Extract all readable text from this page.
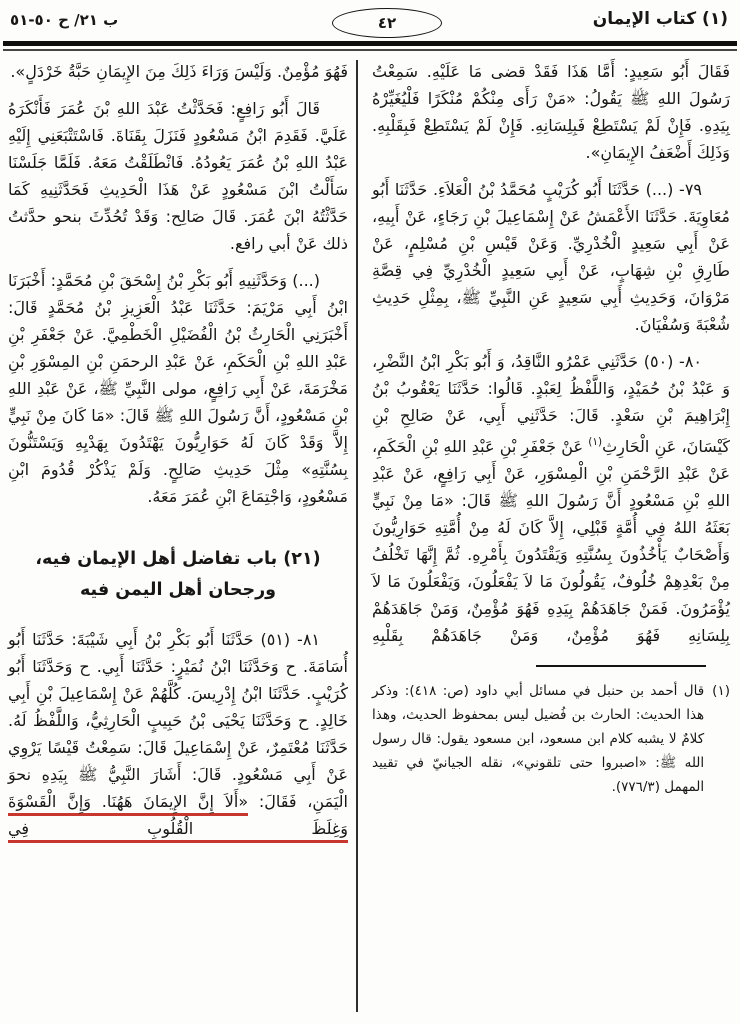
(١) كتاب الإيمان
٤٢
ب ٢١/ ح ٥٠-٥١

فَقَالَ أَبُو سَعِيدٍ: أَمَّا هَذَا فَقَدْ قضى مَا عَلَيْهِ. سَمِعْتُ رَسُولَ اللهِ ﷺ يَقُولُ: «مَنْ رَأَى مِنْكُمْ مُنْكَرًا فَلْيُغَيِّرْهُ بِيَدِهِ. فَإِنْ لَمْ يَسْتَطِعْ فَبِلِسَانِهِ. فَإِنْ لَمْ يَسْتَطِعْ فَبِقَلْبِهِ. وَذَلِكَ أَضْعَفُ الإِيمَانِ».

٧٩- (...) حَدَّثَنَا أَبُو كُرَيْبٍ مُحَمَّدُ بْنُ الْعَلاَءِ. حَدَّثَنَا أَبُو مُعَاوِيَةَ. حَدَّثَنَا الأَعْمَشُ عَنْ إِسْمَاعِيلَ بْنِ رَجَاءٍ، عَنْ أَبِيهِ، عَنْ أَبِي سَعِيدٍ الْخُدْرِيِّ. وَعَنْ قَيْسِ بْنِ مُسْلِمٍ، عَنْ طَارِقِ بْنِ شِهَابٍ، عَنْ أَبِي سَعِيدٍ الْخُدْرِيِّ فِي قِصَّةِ مَرْوَانَ، وَحَدِيثِ أَبِي سَعِيدٍ عَنِ النَّبِيِّ ﷺ، بِمِثْلِ حَدِيثِ شُعْبَةَ وَسُفْيَانَ.

٨٠- (٥٠) حَدَّثَنِي عَمْرُو النَّاقِدُ، وَ أَبُو بَكْرِ ابْنُ النَّضْرِ، وَ عَبْدُ بْنُ حُمَيْدٍ، وَاللَّفْظُ لِعَبْدٍ. قَالُوا: حَدَّثَنَا يَعْقُوبُ بْنُ إِبْرَاهِيمَ بْنِ سَعْدٍ. قَالَ: حَدَّثَنِي أَبِي، عَنْ صَالِحِ بْنِ كَيْسَانَ، عَنِ الْحَارِثِ$^{(١)}$ عَنْ جَعْفَرِ بْنِ عَبْدِ اللهِ بْنِ الْحَكَمِ، عَنْ عَبْدِ الرَّحْمَنِ بْنِ الْمِسْوَرِ، عَنْ أَبِي رَافِعٍ، عَنْ عَبْدِ اللهِ بْنِ مَسْعُودٍ أَنَّ رَسُولَ اللهِ ﷺ قَالَ: «مَا مِنْ نَبِيٍّ بَعَثَهُ اللهُ فِي أُمَّةٍ قَبْلِي، إِلاَّ كَانَ لَهُ مِنْ أُمَّتِهِ حَوَارِيُّونَ وَأَصْحَابٌ يَأْخُذُونَ بِسُنَّتِهِ وَيَقْتَدُونَ بِأَمْرِهِ. ثُمَّ إِنَّهَا تَخْلُفُ مِنْ بَعْدِهِمْ خُلُوفٌ، يَقُولُونَ مَا لاَ يَفْعَلُونَ، وَيَفْعَلُونَ مَا لاَ يُؤْمَرُونَ. فَمَنْ جَاهَدَهُمْ بِيَدِهِ فَهُوَ مُؤْمِنٌ، وَمَنْ جَاهَدَهُمْ بِلِسَانِهِ فَهُوَ مُؤْمِنٌ، وَمَنْ جَاهَدَهُمْ بِقَلْبِهِ

(١)
قال أحمد بن حنبل في مسائل أبي داود (ص: ٤١٨): وذكر هذا الحديث: الحارث بن فُضيل ليس بمحفوظ الحديث، وهذا كلامٌ لا يشبه كلام ابن مسعود، ابن مسعود يقول: قال رسول الله ﷺ: «اصبروا حتى تلقوني»، نقله الجيانيّ في تقييد المهمل (٧٧٦/٣).

فَهُوَ مُؤْمِنٌ. وَلَيْسَ وَرَاءَ ذَلِكَ مِنَ الإِيمَانِ حَبَّةُ خَرْدَلٍ».

قَالَ أَبُو رَافِعٍ: فَحَدَّثْتُ عَبْدَ اللهِ بْنَ عُمَرَ فَأَنْكَرَهُ عَلَيَّ. فَقَدِمَ ابْنُ مَسْعُودٍ فَنَزَلَ بِقَنَاةَ. فَاسْتَتْبَعَنِي إِلَيْهِ عَبْدُ اللهِ بْنُ عُمَرَ يَعُودُهُ. فَانْطَلَقْتُ مَعَهُ. فَلَمَّا جَلَسْنَا سَأَلْتُ ابْنَ مَسْعُودٍ عَنْ هَذَا الْحَدِيثِ فَحَدَّثَنِيهِ كَمَا حَدَّثْتُهُ ابْنَ عُمَرَ. قَالَ صَالِح: وَقَدْ تُحُدِّثَ بنحو حدَّثتُ ذلك عَنْ أبي رافع.

(...) وَحَدَّثَنِيهِ أَبُو بَكْرِ بْنُ إِسْحَقَ بْنِ مُحَمَّدٍ: أَخْبَرَنَا ابْنُ أَبِي مَرْيَمَ: حَدَّثَنَا عَبْدُ الْعَزِيزِ بْنُ مُحَمَّدٍ قَالَ: أَخْبَرَنِي الْحَارِثُ بْنُ الْفُضَيْلِ الْخَطْمِيَّ. عَنْ جَعْفَرِ بْنِ عَبْدِ اللهِ بْنِ الْحَكَمِ، عَنْ عَبْدِ الرحمَنِ بْنِ المِسْوَرِ بْنِ مَخْرَمَةَ، عَنْ أَبِي رَافِعٍ، مولى النَّبِيِّ ﷺ، عَنْ عَبْدِ اللهِ بْنِ مَسْعُودٍ، أَنَّ رَسُولَ اللهِ ﷺ قَالَ: «مَا كَانَ مِنْ نَبِيٍّ إِلاَّ وَقَدْ كَانَ لَهُ حَوَارِيُّونَ يَهْتَدُونَ بِهَدْيِهِ وَيَسْتَنُّونَ بِسُنَّتِهِ» مِثْلَ حَدِيثِ صَالِحٍ. وَلَمْ يَذْكُرْ قُدُومَ ابْنِ مَسْعُودٍ، وَاجْتِمَاعَ ابْنِ عُمَرَ مَعَهُ.

(٢١) باب تفاضل أهل الإيمان فيه،
ورجحان أهل اليمن فيه

٨١- (٥١) حَدَّثَنَا أَبُو بَكْرِ بْنُ أَبِي شَيْبَةَ: حَدَّثَنَا أَبُو أُسَامَةَ. ح وَحَدَّثَنَا ابْنُ نُمَيْرٍ: حَدَّثَنَا أَبِي. ح وَحَدَّثَنَا أَبُو كُرَيْبٍ. حَدَّثَنَا ابْنُ إِدْرِيسَ. كُلَّهُمْ عَنْ إِسْمَاعِيلَ بْنِ أَبِي خَالِدٍ. ح وَحَدَّثَنَا يَحْيَى بْنُ حَبِيبٍ الْحَارِثِيُّ، وَاللَّفْظُ لَهُ. حَدَّثَنَا مُعْتَمِرٌ، عَنْ إِسْمَاعِيلَ قَالَ: سَمِعْتُ قَيْسًا يَرْوِي عَنْ أَبِي مَسْعُودٍ. قَالَ: أَشَارَ النَّبِيُّ ﷺ بِيَدِهِ نحوَ الْيَمَنِ، فَقَالَ: «أَلاَ إِنَّ الإِيمَانَ هَهُنَا. وَإِنَّ الْقَسْوَةَ وَغِلَظَ الْقُلُوبِ فِي
